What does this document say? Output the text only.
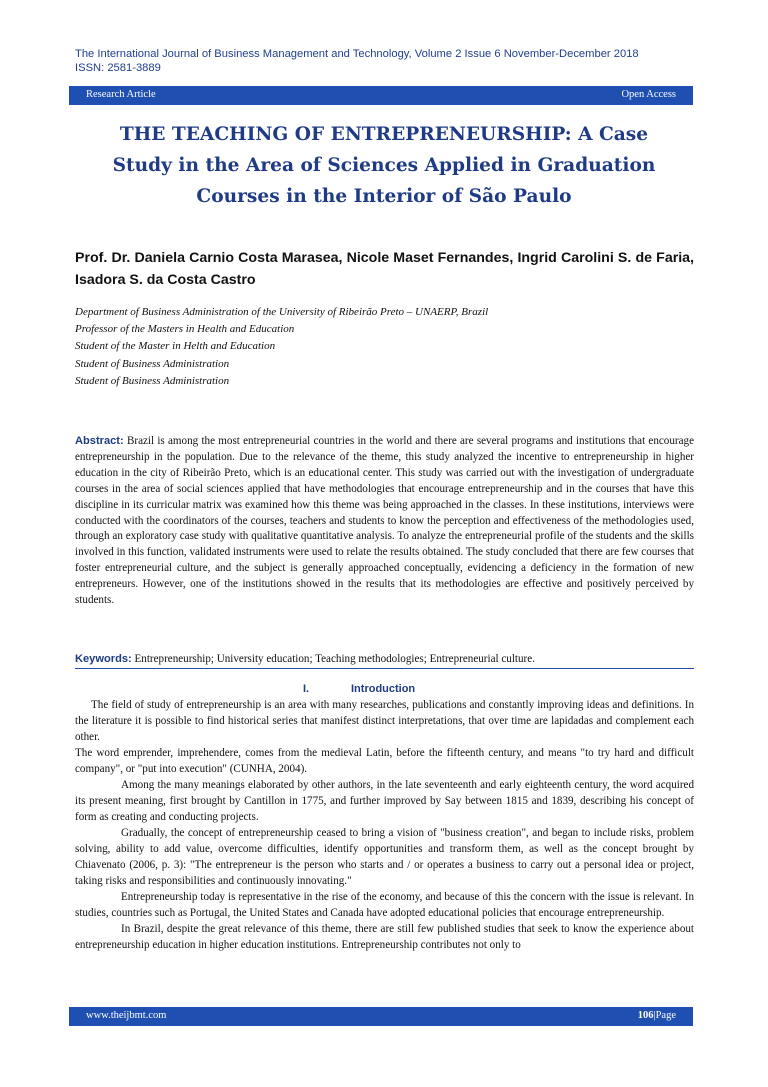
The International Journal of Business Management and Technology, Volume 2 Issue 6 November-December 2018
ISSN: 2581-3889
Research Article	Open Access
THE TEACHING OF ENTREPRENEURSHIP: A Case
Study in the Area of Sciences Applied in Graduation
Courses in the Interior of São Paulo
Prof. Dr. Daniela Carnio Costa Marasea, Nicole Maset Fernandes, Ingrid Carolini S. de Faria, Isadora S. da Costa Castro
Department of Business Administration of the University of Ribeirão Preto – UNAERP, Brazil
Professor of the Masters in Health and Education
Student of the Master in Helth and Education
Student of Business Administration
Student of Business Administration
Abstract: Brazil is among the most entrepreneurial countries in the world and there are several programs and institutions that encourage entrepreneurship in the population. Due to the relevance of the theme, this study analyzed the incentive to entrepreneurship in higher education in the city of Ribeirão Preto, which is an educational center. This study was carried out with the investigation of undergraduate courses in the area of social sciences applied that have methodologies that encourage entrepreneurship and in the courses that have this discipline in its curricular matrix was examined how this theme was being approached in the classes. In these institutions, interviews were conducted with the coordinators of the courses, teachers and students to know the perception and effectiveness of the methodologies used, through an exploratory case study with qualitative quantitative analysis. To analyze the entrepreneurial profile of the students and the skills involved in this function, validated instruments were used to relate the results obtained. The study concluded that there are few courses that foster entrepreneurial culture, and the subject is generally approached conceptually, evidencing a deficiency in the formation of new entrepreneurs. However, one of the institutions showed in the results that its methodologies are effective and positively perceived by students.
Keywords: Entrepreneurship; University education; Teaching methodologies; Entrepreneurial culture.
I.	Introduction

The field of study of entrepreneurship is an area with many researches, publications and constantly improving ideas and definitions. In the literature it is possible to find historical series that manifest distinct interpretations, that over time are lapidadas and complement each other.

The word emprender, imprehendere, comes from the medieval Latin, before the fifteenth century, and means "to try hard and difficult company", or "put into execution" (CUNHA, 2004).

Among the many meanings elaborated by other authors, in the late seventeenth and early eighteenth century, the word acquired its present meaning, first brought by Cantillon in 1775, and further improved by Say between 1815 and 1839, describing his concept of form as creating and conducting projects.

Gradually, the concept of entrepreneurship ceased to bring a vision of "business creation", and began to include risks, problem solving, ability to add value, overcome difficulties, identify opportunities and transform them, as well as the concept brought by Chiavenato (2006, p. 3): "The entrepreneur is the person who starts and / or operates a business to carry out a personal idea or project, taking risks and responsibilities and continuously innovating."

Entrepreneurship today is representative in the rise of the economy, and because of this the concern with the issue is relevant. In studies, countries such as Portugal, the United States and Canada have adopted educational policies that encourage entrepreneurship.

In Brazil, despite the great relevance of this theme, there are still few published studies that seek to know the experience about entrepreneurship education in higher education institutions. Entrepreneurship contributes not only to

www.theijbmt.com	106|Page
